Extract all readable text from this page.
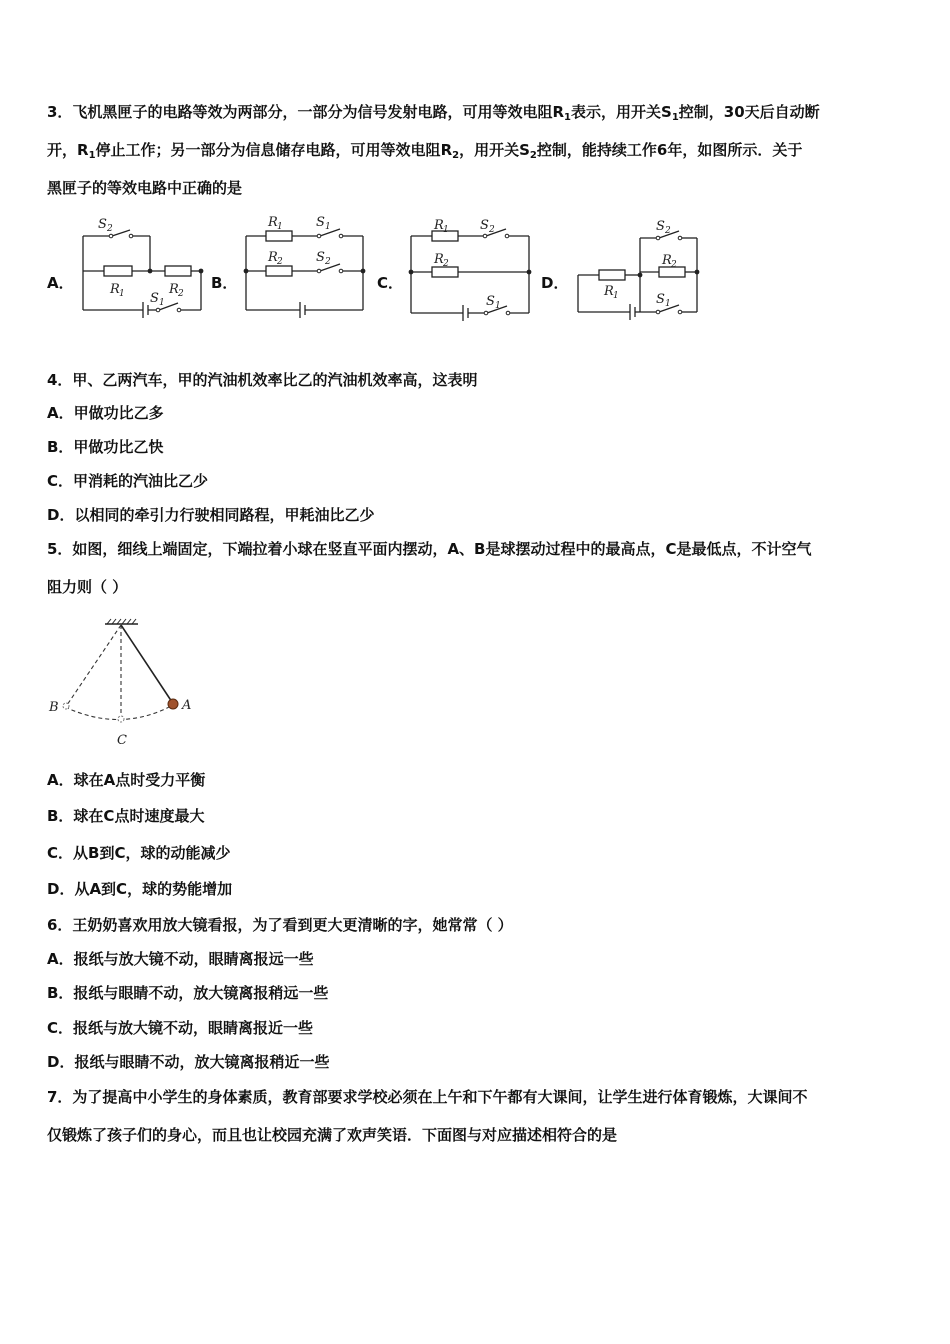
3．飞机黑匣子的电路等效为两部分，一部分为信号发射电路，可用等效电阻$R_1$表示，用开关$S_1$控制，30天后自动断
开，$R_1$停止工作；另一部分为信息储存电路，可用等效电阻$R_2$，用开关$S_2$控制，能持续工作6年，如图所示．关于
黑匣子的等效电路中正确的是
A．	B．	C．	D．
S 2
R 1	R 2
S 1
R 1	S 1
R 2	S 2
R 1 S 2
R 2
S 1
S 2
R 2
R 1	S 1
4．甲、乙两汽车，甲的汽油机效率比乙的汽油机效率高，这表明
A．甲做功比乙多
B．甲做功比乙快
C．甲消耗的汽油比乙少
D．以相同的牵引力行驶相同路程，甲耗油比乙少
5．如图，细线上端固定，下端拉着小球在竖直平面内摆动，A、B是球摆动过程中的最高点，C是最低点，不计空气
阻力则（ ）
A
B
C
A．球在A点时受力平衡
B．球在C点时速度最大
C．从B到C，球的动能减少
D．从A到C，球的势能增加
6．王奶奶喜欢用放大镜看报，为了看到更大更清晰的字，她常常（ ）
A．报纸与放大镜不动，眼睛离报远一些
B．报纸与眼睛不动，放大镜离报稍远一些
C．报纸与放大镜不动，眼睛离报近一些
D．报纸与眼睛不动，放大镜离报稍近一些
7．为了提高中小学生的身体素质，教育部要求学校必须在上午和下午都有大课间，让学生进行体育锻炼，大课间不
仅锻炼了孩子们的身心，而且也让校园充满了欢声笑语．下面图与对应描述相符合的是
